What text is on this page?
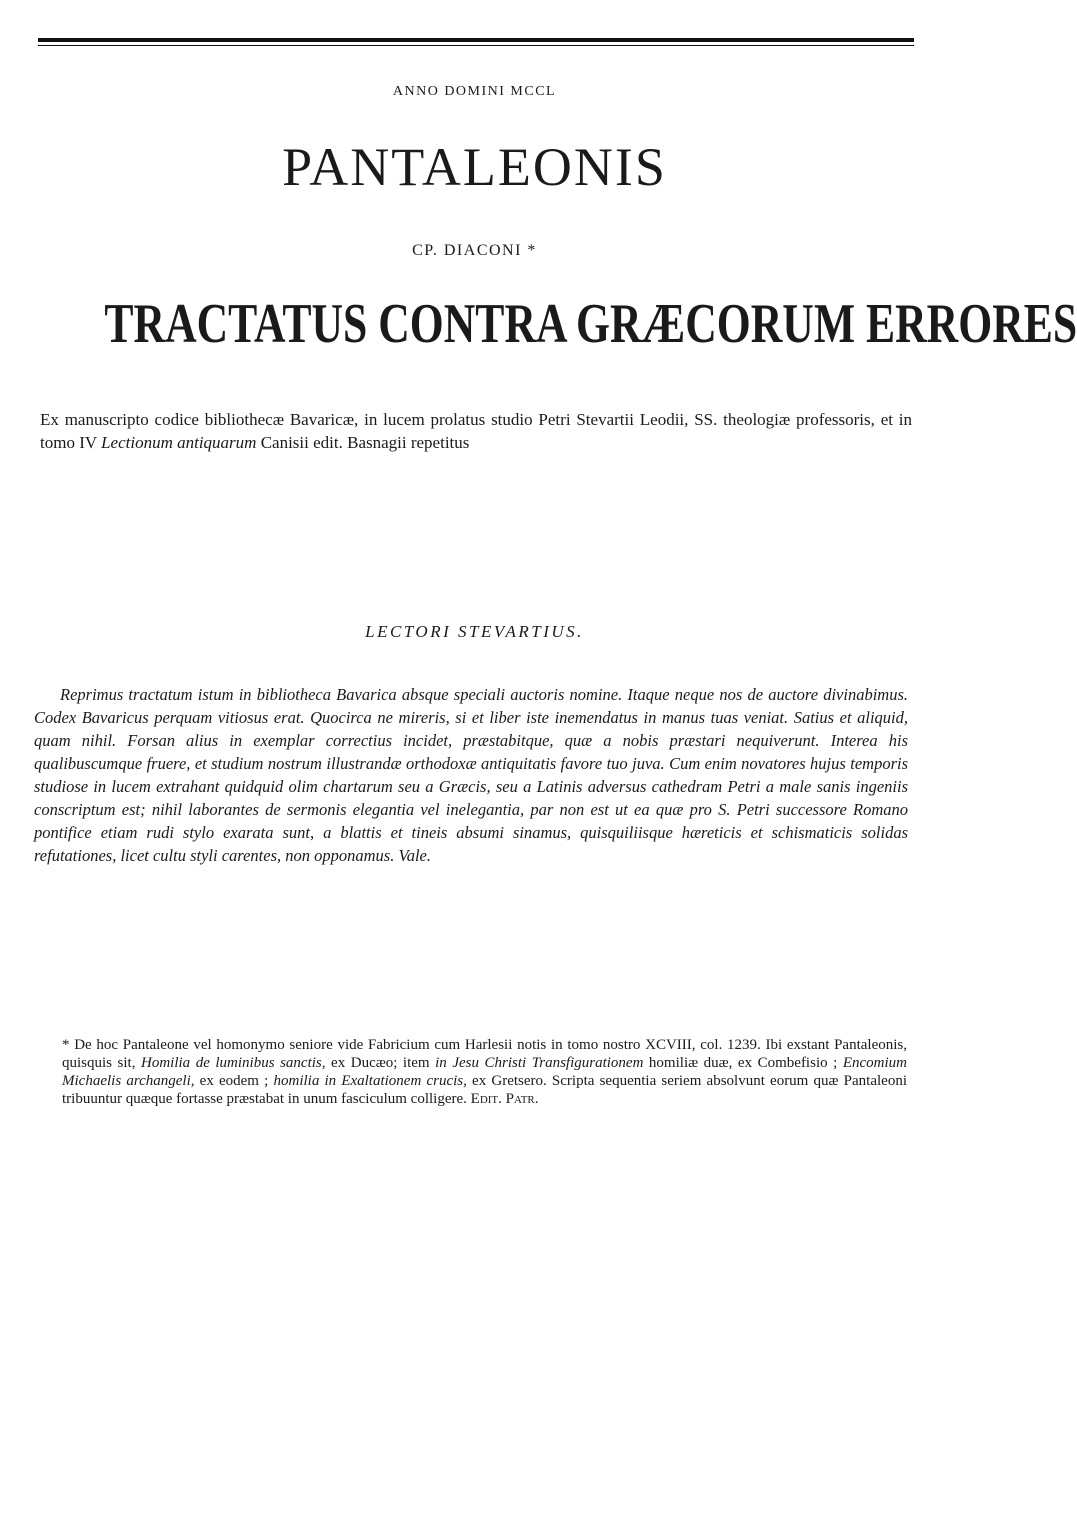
ANNO DOMINI MCCL
PANTALEONIS
CP. DIACONI *
TRACTATUS CONTRA GRÆCORUM ERRORES
Ex manuscripto codice bibliothecæ Bavaricæ, in lucem prolatus studio Petri Stevartii Leodii, SS. theologiæ professoris, et in tomo IV Lectionum antiquarum Canisii edit. Basnagii repetitus
LECTORI STEVARTIUS.
Reprimus tractatum istum in bibliotheca Bavarica absque speciali auctoris nomine. Itaque neque nos de auctore divinabimus. Codex Bavaricus perquam vitiosus erat. Quocirca ne mireris, si et liber iste inemendatus in manus tuas veniat. Satius et aliquid, quam nihil. Forsan alius in exemplar correctius incidet, præstabitque, quæ a nobis præstari nequiverunt. Interea his qualibuscumque fruere, et studium nostrum illustrandæ orthodoxæ antiquitatis favore tuo juva. Cum enim novatores hujus temporis studiose in lucem extrahant quidquid olim chartarum seu a Græcis, seu a Latinis adversus cathedram Petri a male sanis ingeniis conscriptum est; nihil laborantes de sermonis elegantia vel inelegantia, par non est ut ea quæ pro S. Petri successore Romano pontifice etiam rudi stylo exarata sunt, a blattis et tineis absumi sinamus, quisquiliisque hæreticis et schismaticis solidas refutationes, licet cultu styli carentes, non opponamus. Vale.
* De hoc Pantaleone vel homonymo seniore vide Fabricium cum Harlesii notis in tomo nostro XCVIII, col. 1239. Ibi exstant Pantaleonis, quisquis sit, Homilia de luminibus sanctis, ex Ducæo; item in Jesu Christi Transfigurationem homiliæ duæ, ex Combefisio ; Encomium Michaelis archangeli, ex eodem ; homilia in Exaltationem crucis, ex Gretsero. Scripta sequentia seriem absolvunt eorum quæ Pantaleoni tribuuntur quæque fortasse præstabat in unum fasciculum colligere. Edit. Patr.
